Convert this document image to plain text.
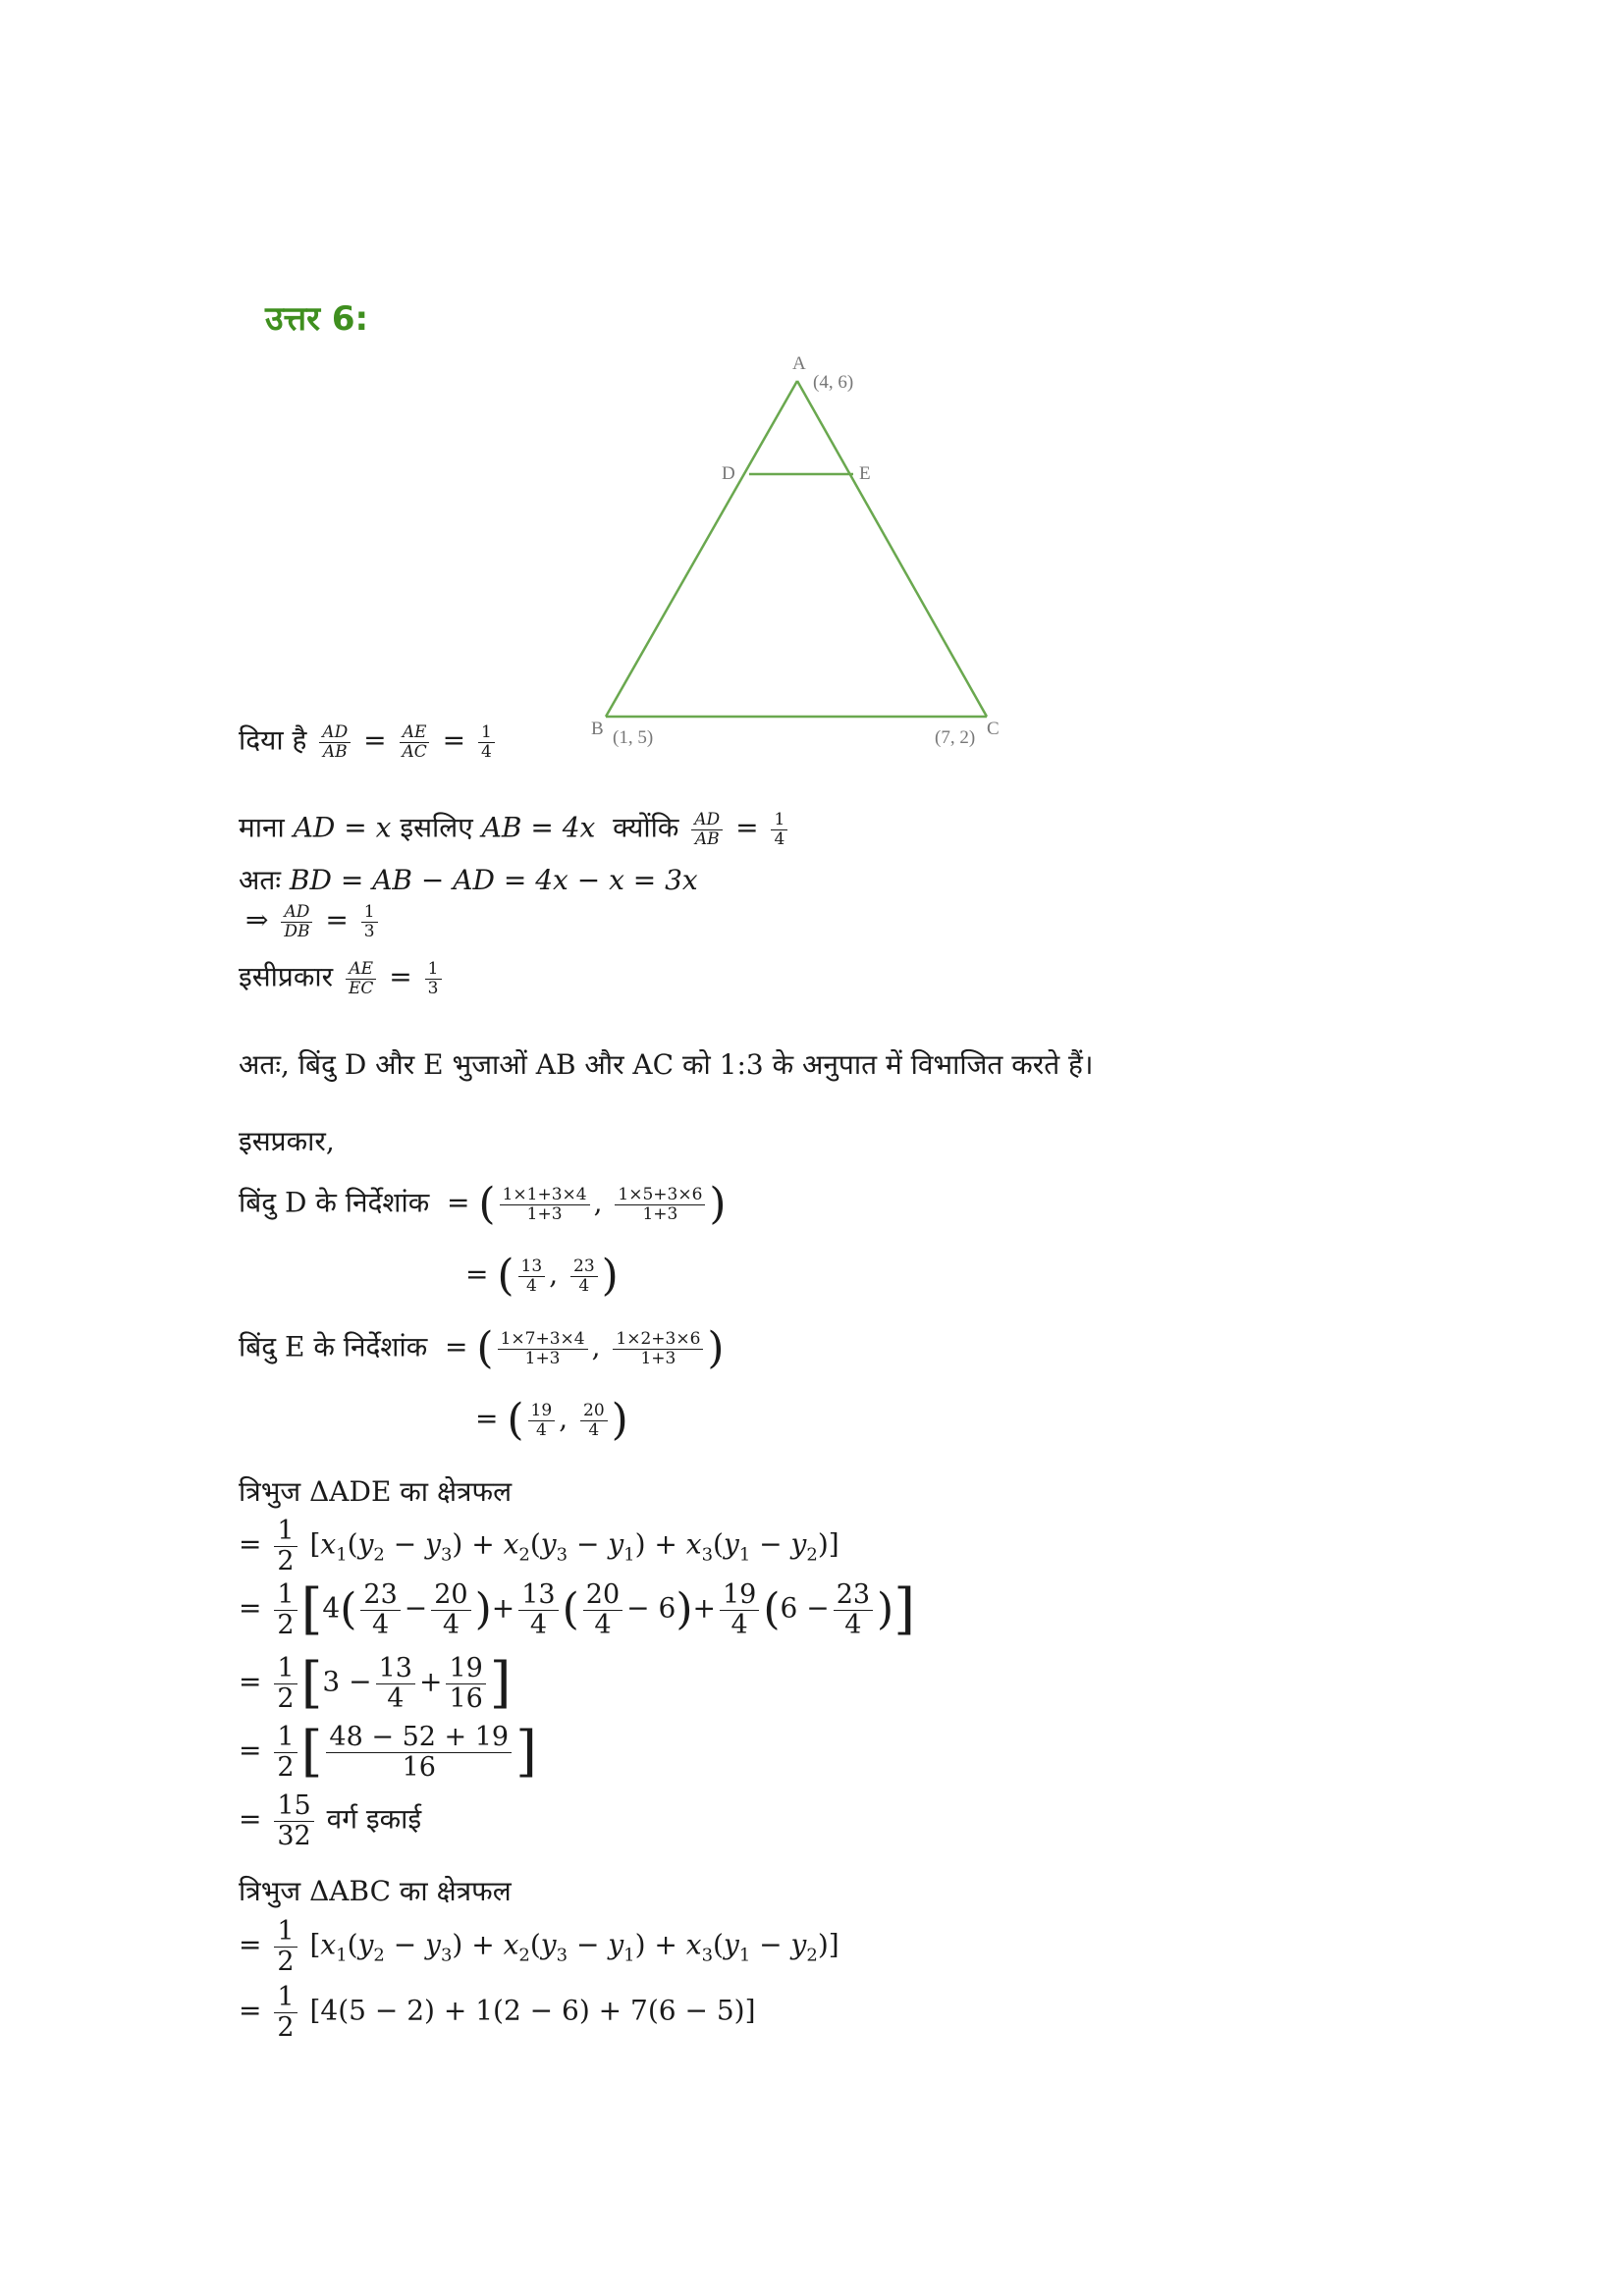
उत्तर 6:
A
(4, 6)
D	E
B (1, 5)	(7, 2) C
दिया है $\frac{AD}{AB} = \frac{AE}{AC} = \frac{1}{4}$
माना AD = x इसलिए AB = 4x क्योंकि $\frac{AD}{AB} = \frac{1}{4}$
अतः BD = AB − AD = 4x − x = 3x
⇒ $\frac{AD}{DB} = \frac{1}{3}$
इसीप्रकार $\frac{AE}{EC} = \frac{1}{3}$
अतः, बिंदु D और E भुजाओं AB और AC को 1:3 के अनुपात में विभाजित करते हैं।
इसप्रकार,
बिंदु D के निर्देशांक = ( $\frac{1\times 1+3\times 4}{1+3}$ , $\frac{1\times 5+3\times 6}{1+3}$ )
= ( $\frac{13}{4}$ , $\frac{23}{4}$ )
बिंदु E के निर्देशांक = ( $\frac{1\times 7+3\times 4}{1+3}$ , $\frac{1\times 2+3\times 6}{1+3}$ )
= ( $\frac{19}{4}$ , $\frac{20}{4}$ )
त्रिभुज ΔADE का क्षेत्रफल
= $\frac{1}{2} [x_1(y_2 - y_3) + x_2(y_3 - y_1) + x_3(y_1 - y_2)]$
= $\frac{1}{2} [4( \frac{23}{4} - \frac{20}{4}$ )+ $\frac{13}{4}$ ( $\frac{20}{4} - 6)+ \frac{19}{4} (6 - \frac{23}{4}$ )]
= $\frac{1}{2} [3 - \frac{13}{4} + \frac{19}{16}$ ]
= $\frac{1}{2}$ [ $\frac{48 - 52 + 19}{16}$ ]
= $\frac{15}{32}$ वर्ग इकाई
त्रिभुज ΔABC का क्षेत्रफल
= $\frac{1}{2} [x_1(y_2 - y_3) + x_2(y_3 - y_1) + x_3(y_1 - y_2)]$
= $\frac{1}{2} [4(5 - 2) + 1(2 - 6) + 7(6 - 5)]$
